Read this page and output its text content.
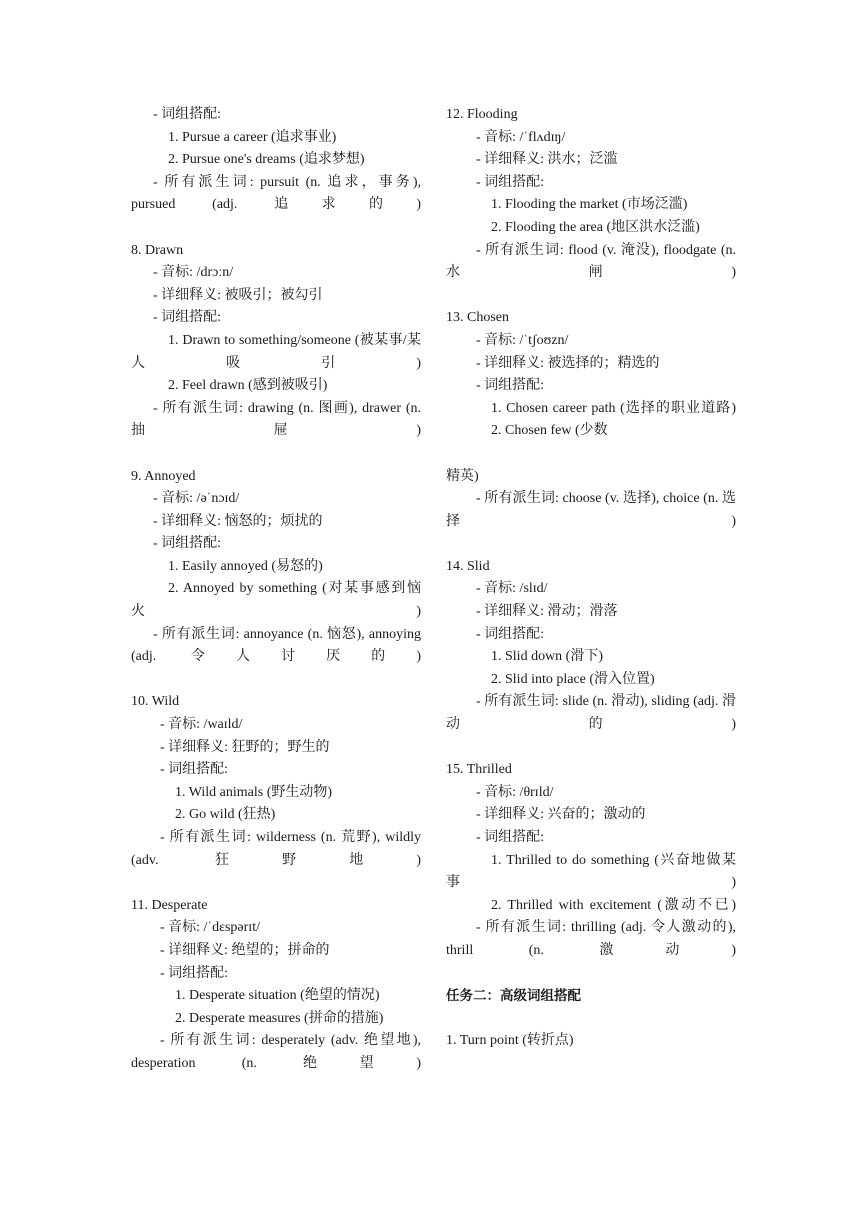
- 词组搭配:
1. Pursue a career (追求事业)
2. Pursue one's dreams (追求梦想)
- 所有派生词: pursuit (n. 追求，事务), pursued (adj. 追求的)
8. Drawn
- 音标: /drɔːn/
- 详细释义: 被吸引；被勾引
- 词组搭配:
1. Drawn to something/someone (被某事/某人吸引)
2. Feel drawn (感到被吸引)
- 所有派生词: drawing (n. 图画), drawer (n. 抽屉)
9. Annoyed
- 音标: /əˈnɔɪd/
- 详细释义: 恼怒的；烦扰的
- 词组搭配:
1. Easily annoyed (易怒的)
2. Annoyed by something (对某事感到恼火)
- 所有派生词: annoyance (n. 恼怒), annoying (adj. 令人讨厌的)
10. Wild
- 音标: /waɪld/
- 详细释义: 狂野的；野生的
- 词组搭配:
1. Wild animals (野生动物)
2. Go wild (狂热)
- 所有派生词: wilderness (n. 荒野), wildly (adv. 狂野地)
11. Desperate
- 音标: /ˈdɛspərɪt/
- 详细释义: 绝望的；拼命的
- 词组搭配:
1. Desperate situation (绝望的情况)
2. Desperate measures (拼命的措施)
- 所有派生词: desperately (adv. 绝望地), desperation (n. 绝望)
12. Flooding
- 音标: /ˈflʌdɪŋ/
- 详细释义: 洪水；泛滥
- 词组搭配:
1. Flooding the market (市场泛滥)
2. Flooding the area (地区洪水泛滥)
- 所有派生词: flood (v. 淹没), floodgate (n. 水闸)
13. Chosen
- 音标: /ˈtʃoʊzn/
- 详细释义: 被选择的；精选的
- 词组搭配:
1. Chosen career path (选择的职业道路)
2. Chosen few (少数
精英)
- 所有派生词: choose (v. 选择), choice (n. 选择)
14. Slid
- 音标: /slɪd/
- 详细释义: 滑动；滑落
- 词组搭配:
1. Slid down (滑下)
2. Slid into place (滑入位置)
- 所有派生词: slide (n. 滑动), sliding (adj. 滑动的)
15. Thrilled
- 音标: /θrɪld/
- 详细释义: 兴奋的；激动的
- 词组搭配:
1. Thrilled to do something (兴奋地做某事)
2. Thrilled with excitement (激动不已)
- 所有派生词: thrilling (adj. 令人激动的), thrill (n. 激动)
任务二：高级词组搭配
1. Turn point (转折点)
